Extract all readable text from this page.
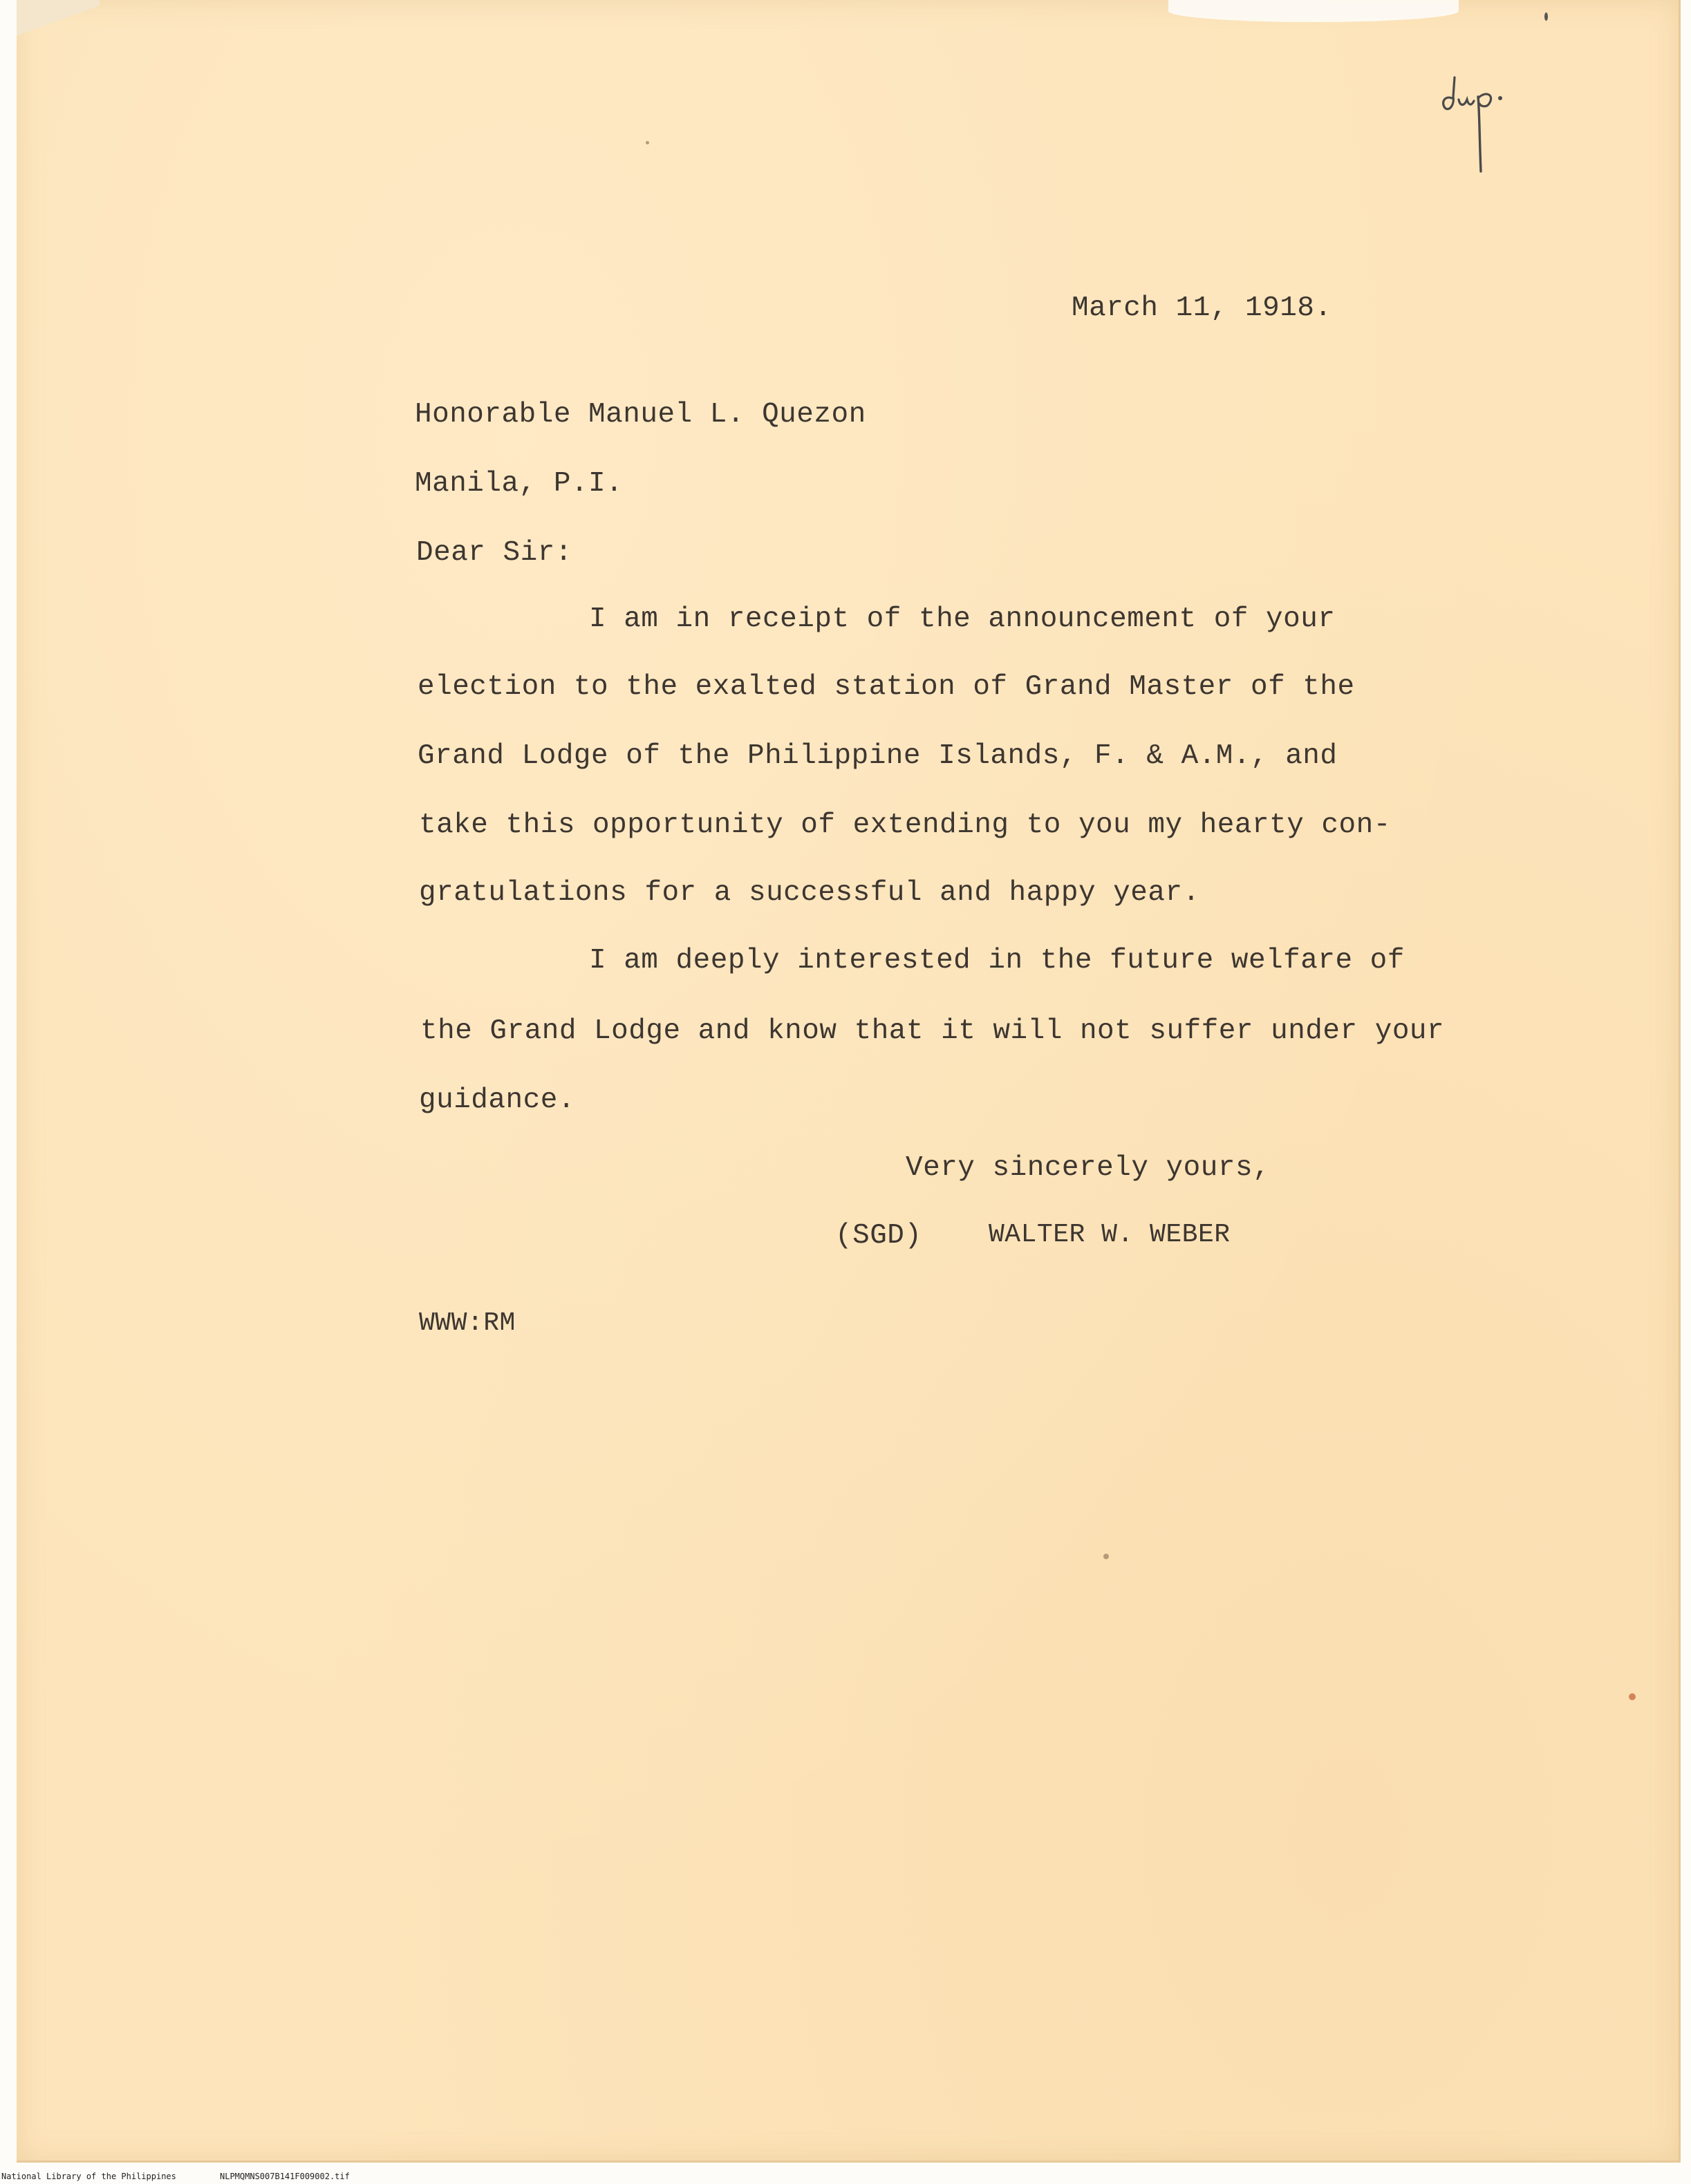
March 11, 1918.
Honorable Manuel L. Quezon
Manila, P.I.
Dear Sir:
I am in receipt of the announcement of your
election to the exalted station of Grand Master of the
Grand Lodge of the Philippine Islands, F. & A.M., and
take this opportunity of extending to you my hearty con-
gratulations for a successful and happy year.
I am deeply interested in the future welfare of
the Grand Lodge and know that it will not suffer under your
guidance.
Very sincerely yours,
(SGD)	WALTER W. WEBER
WWW:RM
National Library of the Philippines	NLPMQMNS007B141F009002.tif
